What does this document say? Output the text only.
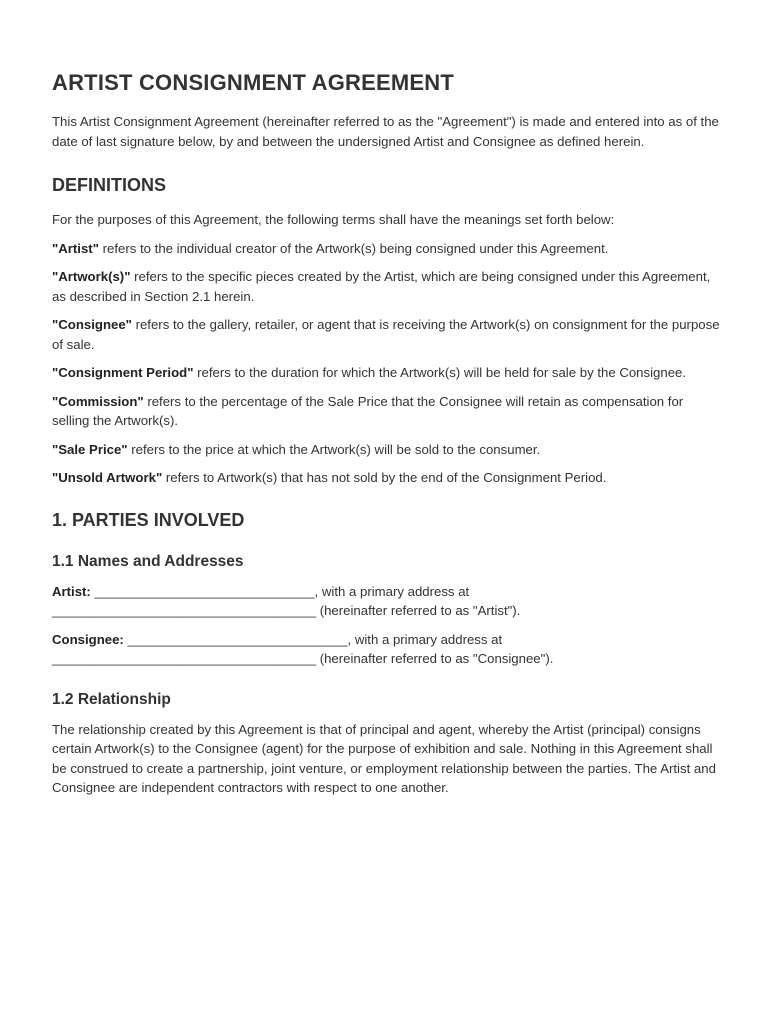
ARTIST CONSIGNMENT AGREEMENT

This Artist Consignment Agreement (hereinafter referred to as the "Agreement") is made and entered into as of the date of last signature below, by and between the undersigned Artist and Consignee as defined herein.

DEFINITIONS

For the purposes of this Agreement, the following terms shall have the meanings set forth below:

"Artist" refers to the individual creator of the Artwork(s) being consigned under this Agreement.

"Artwork(s)" refers to the specific pieces created by the Artist, which are being consigned under this Agreement, as described in Section 2.1 herein.

"Consignee" refers to the gallery, retailer, or agent that is receiving the Artwork(s) on consignment for the purpose of sale.

"Consignment Period" refers to the duration for which the Artwork(s) will be held for sale by the Consignee.

"Commission" refers to the percentage of the Sale Price that the Consignee will retain as compensation for selling the Artwork(s).

"Sale Price" refers to the price at which the Artwork(s) will be sold to the consumer.

"Unsold Artwork" refers to Artwork(s) that has not sold by the end of the Consignment Period.

1. PARTIES INVOLVED
1.1 Names and Addresses

Artist: ______________________________, with a primary address at
____________________________________ (hereinafter referred to as "Artist").

Consignee: ______________________________, with a primary address at
____________________________________ (hereinafter referred to as "Consignee").

1.2 Relationship

The relationship created by this Agreement is that of principal and agent, whereby the Artist (principal) consigns certain Artwork(s) to the Consignee (agent) for the purpose of exhibition and sale. Nothing in this Agreement shall be construed to create a partnership, joint venture, or employment relationship between the parties. The Artist and Consignee are independent contractors with respect to one another.
